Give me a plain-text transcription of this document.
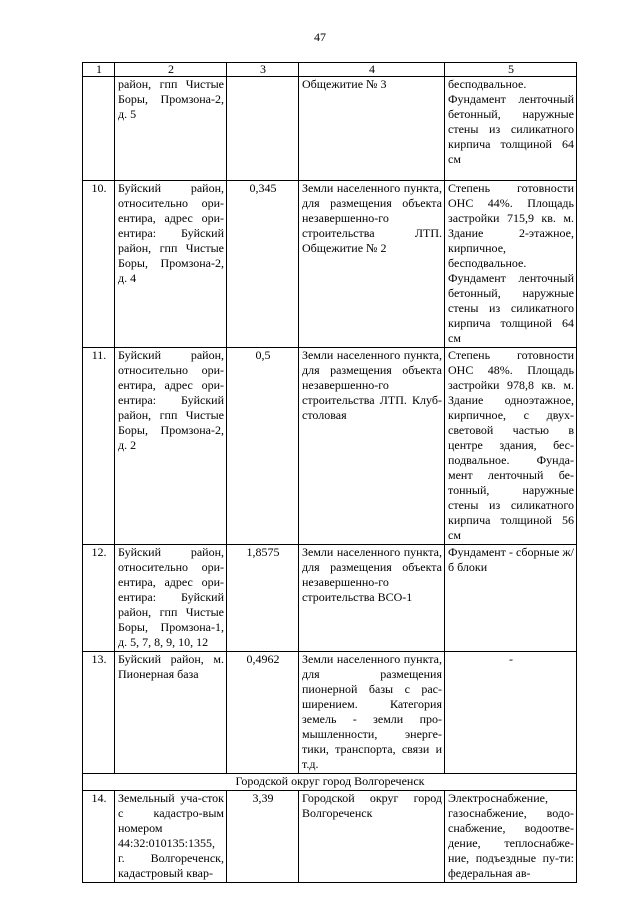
47
1	2	3	4	5
	район, гпп Чистые Боры, Промзона-2, д. 5		Общежитие № 3	бесподвальное. Фундамент ленточный бетонный, наружные стены из силикатного кирпича толщиной 64 см
10.	Буйский район, относительно ори-ентира, адрес ори-ентира: Буйский район, гпп Чистые Боры, Промзона-2, д. 4	0,345	Земли населенного пункта, для размещения объекта незавершенно-го строительства ЛТП. Общежитие № 2	Степень готовности ОНС 44%. Площадь застройки 715,9 кв. м. Здание 2-этажное, кирпичное, бесподвальное. Фундамент ленточный бетонный, наружные стены из силикатного кирпича толщиной 64 см
11.	Буйский район, относительно ори-ентира, адрес ори-ентира: Буйский район, гпп Чистые Боры, Промзона-2, д. 2	0,5	Земли населенного пункта, для размещения объекта незавершенно-го строительства ЛТП. Клуб-столовая	Степень готовности ОНС 48%. Площадь застройки 978,8 кв. м. Здание одноэтажное, кирпичное, с двух-световой частью в центре здания, бес-подвальное. Фунда-мент ленточный бе-тонный, наружные стены из силикатного кирпича толщиной 56 см
12.	Буйский район, относительно ори-ентира, адрес ори-ентира: Буйский район, гпп Чистые Боры, Промзона-1, д. 5, 7, 8, 9, 10, 12	1,8575	Земли населенного пункта, для размещения объекта незавершенно-го строительства ВСО-1	Фундамент - сборные ж/б блоки
13.	Буйский район, м. Пионерная база	0,4962	Земли населенного пункта, для размещения пионерной базы с рас-ширением. Категория земель - земли про-мышленности, энерге-тики, транспорта, связи и т.д.	-
Городской округ город Волгореченск				
14.	Земельный уча-сток с кадастро-вым номером 44:32:010135:1355, г. Волгореченск, кадастровый квар-	3,39	Городской округ город Волгореченск	Электроснабжение, газоснабжение, водо-снабжение, водоотве-дение, теплоснабже-ние, подъездные пу-ти: федеральная ав-
